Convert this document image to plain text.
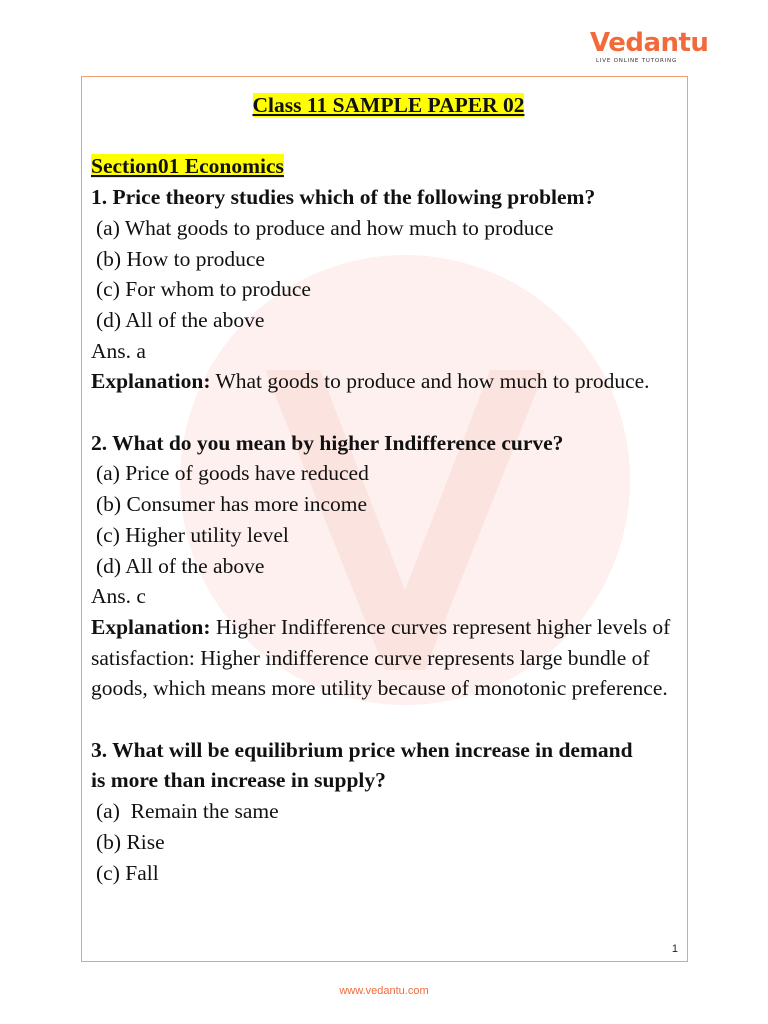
Vedantu
LIVE ONLINE TUTORING

Class 11 SAMPLE PAPER 02

Section01 Economics

1. Price theory studies which of the following problem?

(a) What goods to produce and how much to produce

(b) How to produce

(c) For whom to produce

(d) All of the above

Ans. a

Explanation: What goods to produce and how much to produce.

2. What do you mean by higher Indifference curve?

(a) Price of goods have reduced

(b) Consumer has more income

(c) Higher utility level

(d) All of the above

Ans. c

Explanation: Higher Indifference curves represent higher levels of satisfaction: Higher indifference curve represents large bundle of goods, which means more utility because of monotonic preference.

3. What will be equilibrium price when increase in demand

is more than increase in supply?

(a)  Remain the same

(b) Rise

(c) Fall

1
www.vedantu.com
